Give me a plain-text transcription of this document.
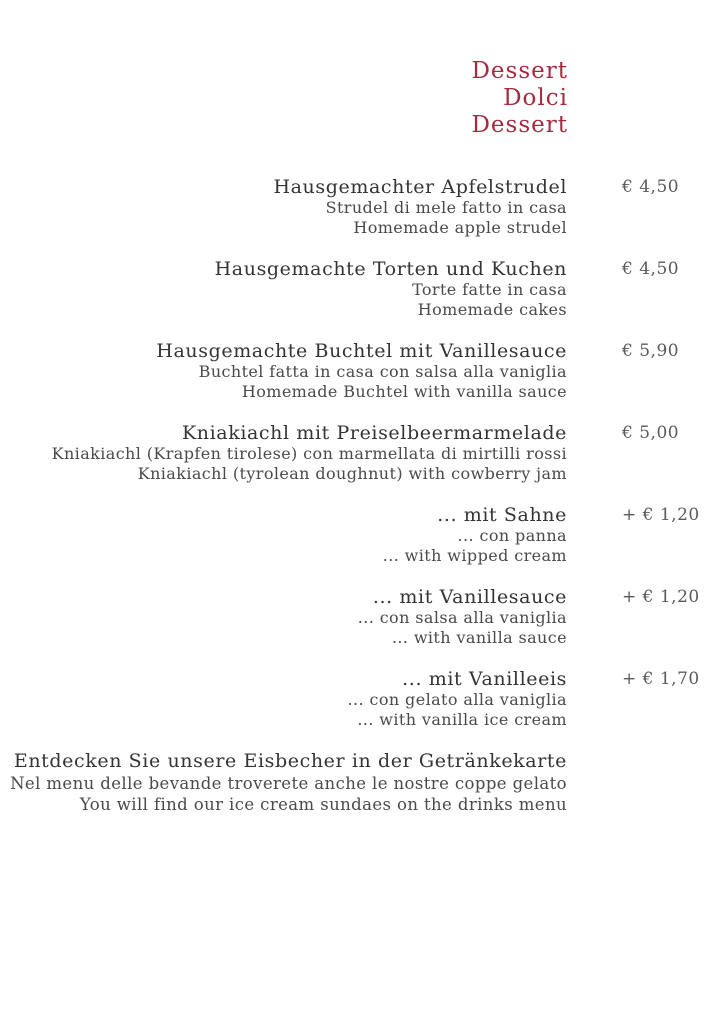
Dessert
Dolci
Dessert
Hausgemachter Apfelstrudel
Strudel di mele fatto in casa
Homemade apple strudel
€ 4,50
Hausgemachte Torten und Kuchen
Torte fatte in casa
Homemade cakes
€ 4,50
Hausgemachte Buchtel mit Vanillesauce
Buchtel fatta in casa con salsa alla vaniglia
Homemade Buchtel with vanilla sauce
€ 5,90
Kniakiachl mit Preiselbeermarmelade
Kniakiachl (Krapfen tirolese) con marmellata di mirtilli rossi
Kniakiachl (tyrolean doughnut) with cowberry jam
€ 5,00
... mit Sahne
... con panna
... with wipped cream
+ € 1,20
... mit Vanillesauce
... con salsa alla vaniglia
... with vanilla sauce
+ € 1,20
... mit Vanilleeis
... con gelato alla vaniglia
... with vanilla ice cream
+ € 1,70
Entdecken Sie unsere Eisbecher in der Getränkekarte
Nel menu delle bevande troverete anche le nostre coppe gelato
You will find our ice cream sundaes on the drinks menu
